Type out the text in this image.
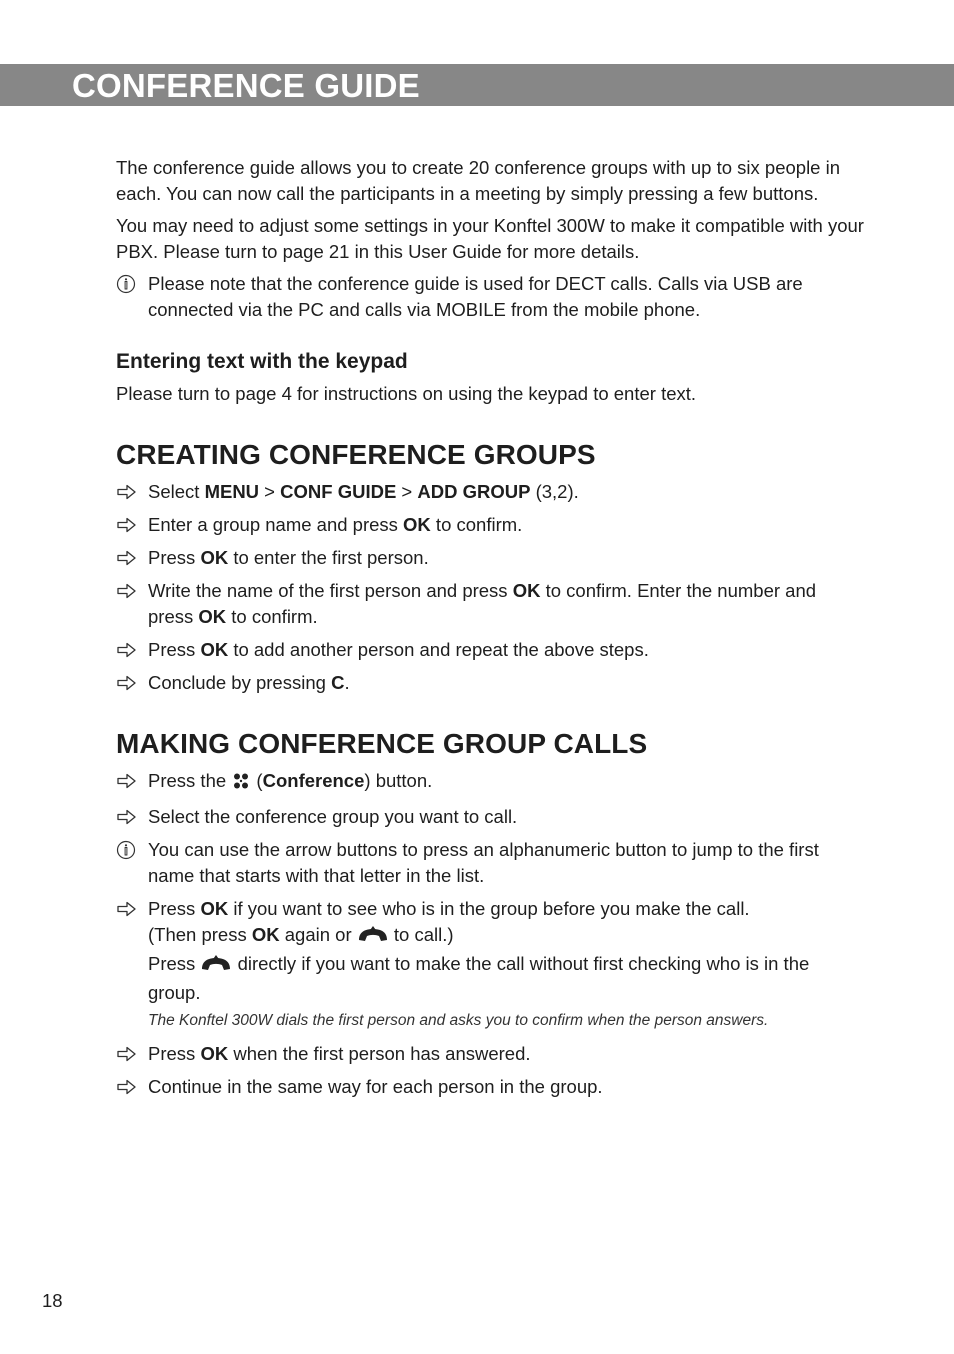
CONFERENCE GUIDE

The conference guide allows you to create 20 conference groups with up to six people in each. You can now call the participants in a meeting by simply pressing a few buttons.

You may need to adjust some settings in your Konftel 300W to make it compatible with your PBX. Please turn to page 21 in this User Guide for more details.

Please note that the conference guide is used for DECT calls. Calls via USB are connected via the PC and calls via MOBILE from the mobile phone.
Entering text with the keypad

Please turn to page 4 for instructions on using the keypad to enter text.

CREATING CONFERENCE GROUPS
Select MENU > CONF GUIDE > ADD GROUP (3,2).
Enter a group name and press OK to confirm.
Press OK to enter the first person.
Write the name of the first person and press OK to confirm. Enter the number and press OK to confirm.
Press OK to add another person and repeat the above steps.
Conclude by pressing C.
MAKING CONFERENCE GROUP CALLS
Press the  (Conference) button.
Select the conference group you want to call.
You can use the arrow buttons to press an alphanumeric button to jump to the first name that starts with that letter in the list.
Press OK if you want to see who is in the group before you make the call.
(Then press OK again or  to call.)
Press  directly if you want to make the call without first checking who is in the group.
The Konftel 300W dials the first person and asks you to confirm when the person answers.
Press OK when the first person has answered.
Continue in the same way for each person in the group.
18
